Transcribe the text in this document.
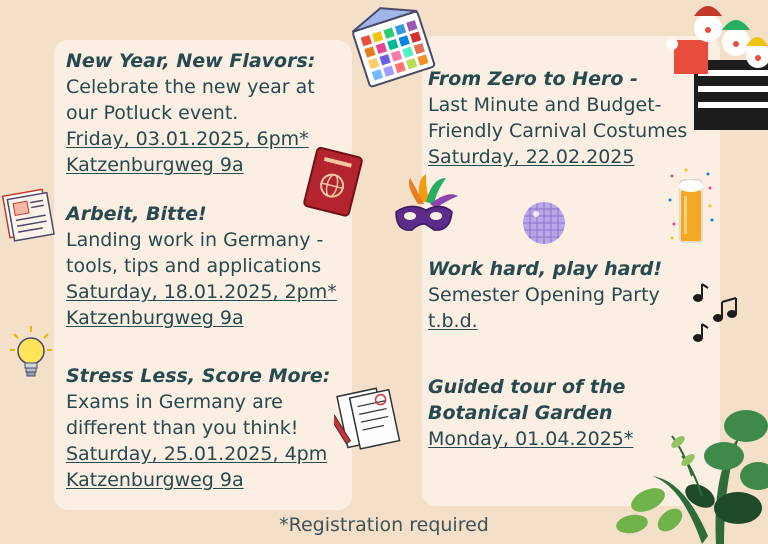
New Year, New Flavors:
Celebrate the new year at
our Potluck event.
Friday, 03.01.2025, 6pm*
Katzenburgweg 9a
Arbeit, Bitte!
Landing work in Germany -
tools, tips and applications
Saturday, 18.01.2025, 2pm*
Katzenburgweg 9a
Stress Less, Score More:
Exams in Germany are
different than you think!
Saturday, 25.01.2025, 4pm
Katzenburgweg 9a
From Zero to Hero -
Last Minute and Budget-
Friendly Carnival Costumes
Saturday, 22.02.2025
Work hard, play hard!
Semester Opening Party
t.b.d.
Guided tour of the
Botanical Garden
Monday, 01.04.2025*
*Registration required
